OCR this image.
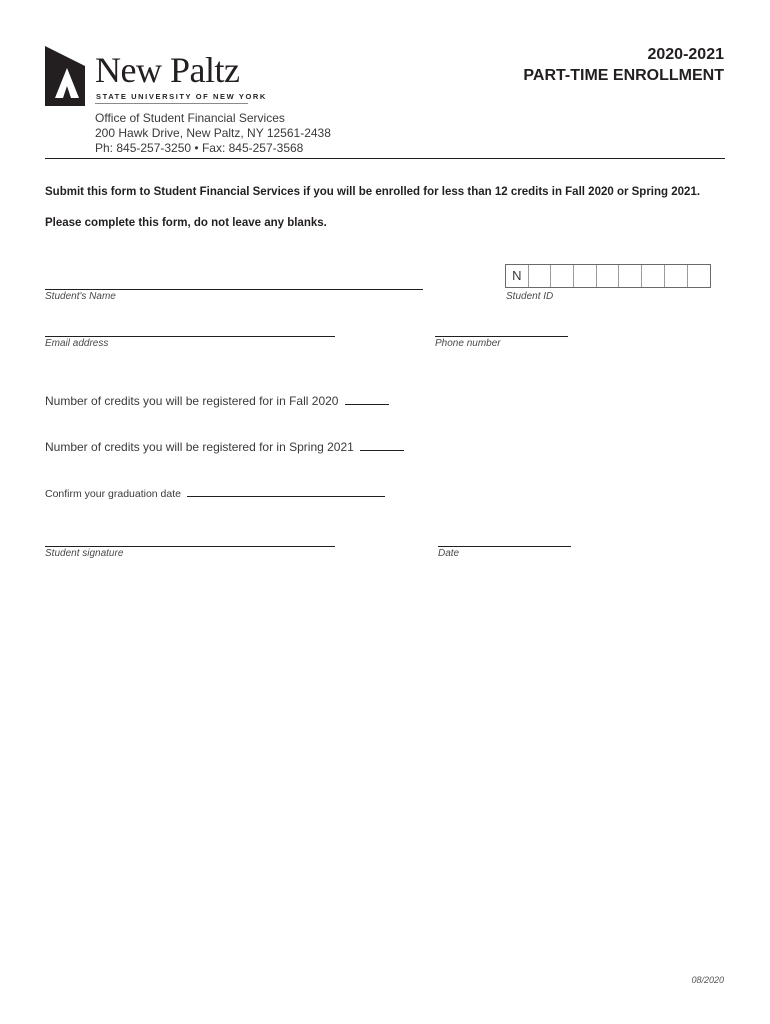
New Paltz
STATE UNIVERSITY OF NEW YORK
Office of Student Financial Services
200 Hawk Drive, New Paltz, NY 12561-2438
Ph: 845-257-3250 • Fax: 845-257-3568
2020-2021
PART-TIME ENROLLMENT
Submit this form to Student Financial Services if you will be enrolled for less than 12 credits in Fall 2020 or Spring 2021.
Please complete this form, do not leave any blanks.
Student's Name
N
Student ID
Email address	Phone number
Number of credits you will be registered for in Fall 2020
Number of credits you will be registered for in Spring 2021
Confirm your graduation date
Student signature	Date
08/2020
